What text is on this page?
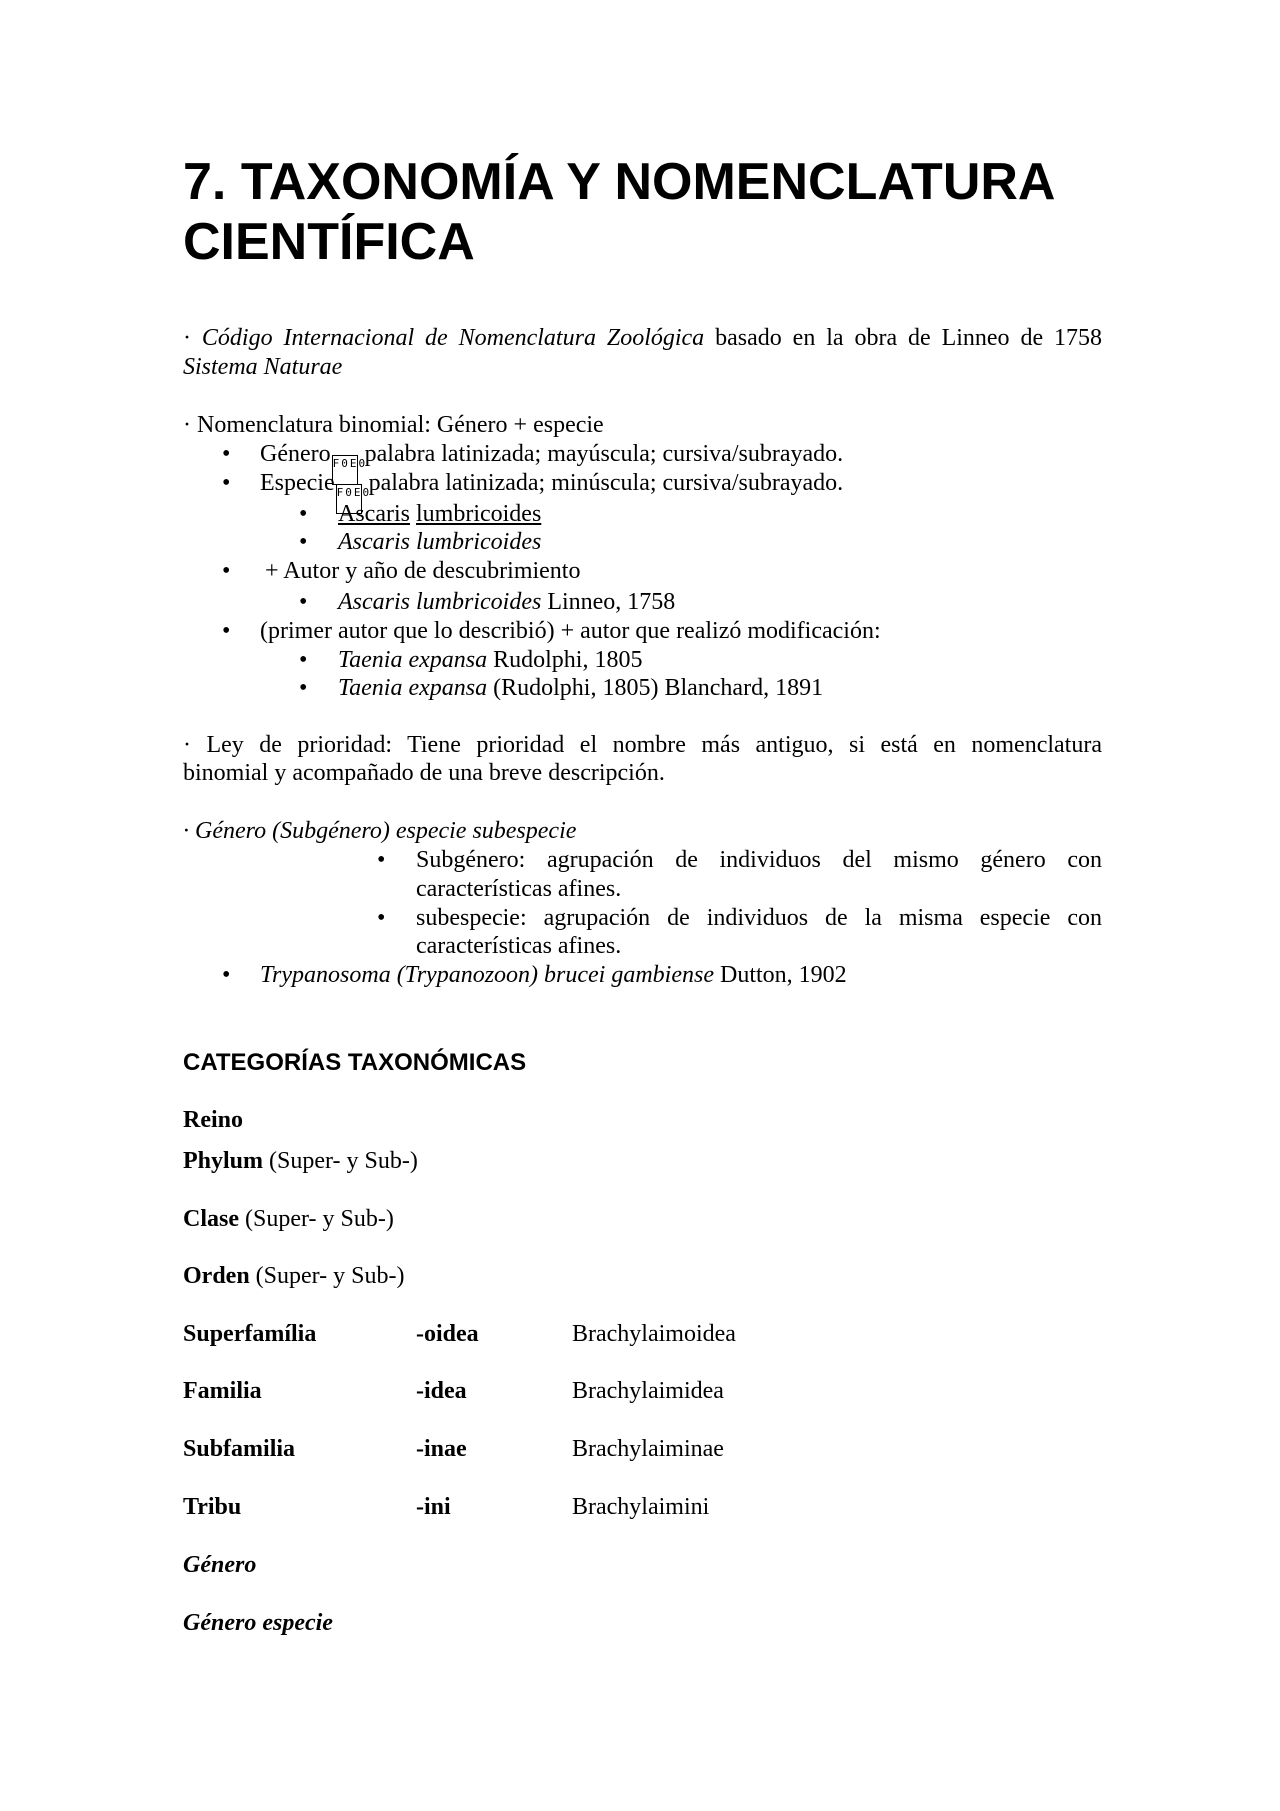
7. TAXONOMÍA Y NOMENCLATURA
CIENTÍFICA
· Código Internacional de Nomenclatura Zoológica basado en la obra de Linneo de 1758 Sistema Naturae
· Nomenclatura binomial: Género + especie
• Género F0E0 palabra latinizada; mayúscula; cursiva/subrayado.
• Especie F0E0 palabra latinizada; minúscula; cursiva/subrayado.
• Ascaris lumbricoides
• Ascaris lumbricoides
• + Autor y año de descubrimiento
• Ascaris lumbricoides Linneo, 1758
• (primer autor que lo describió) + autor que realizó modificación:
• Taenia expansa Rudolphi, 1805
• Taenia expansa (Rudolphi, 1805) Blanchard, 1891
· Ley de prioridad: Tiene prioridad el nombre más antiguo, si está en nomenclatura
binomial y acompañado de una breve descripción.
· Género (Subgénero) especie subespecie
• Subgénero: agrupación de individuos del mismo género con
características afines.
• subespecie: agrupación de individuos de la misma especie con
características afines.
• Trypanosoma (Trypanozoon) brucei gambiense Dutton, 1902
CATEGORÍAS TAXONÓMICAS
Reino
Phylum (Super- y Sub-)
Clase (Super- y Sub-)
Orden (Super- y Sub-)
Superfamília	-oidea	Brachylaimoidea
Familia	-idea	Brachylaimidea
Subfamilia	-inae	Brachylaiminae
Tribu	-ini	Brachylaimini
Género
Género especie
